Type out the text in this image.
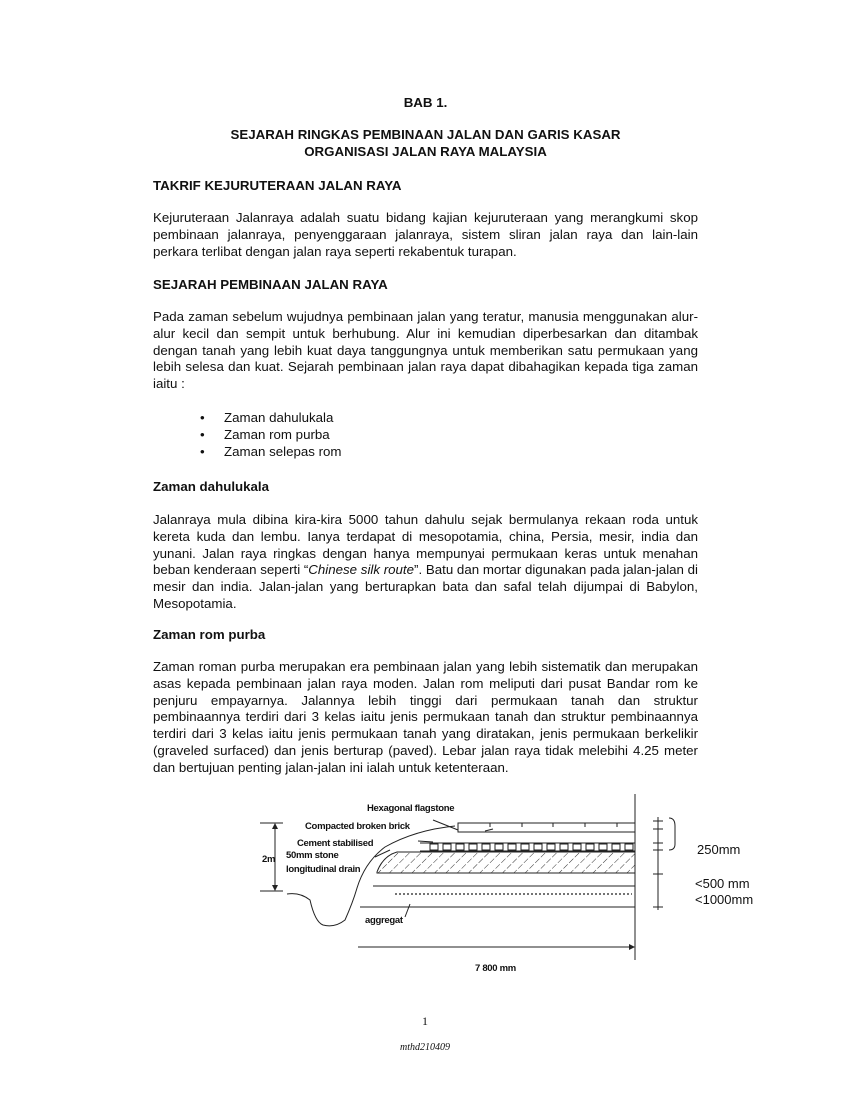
BAB 1.
SEJARAH RINGKAS PEMBINAAN JALAN DAN GARIS KASAR
ORGANISASI JALAN RAYA MALAYSIA
TAKRIF KEJURUTERAAN JALAN RAYA
Kejuruteraan Jalanraya adalah suatu bidang kajian kejuruteraan yang merangkumi skop pembinaan jalanraya, penyenggaraan jalanraya, sistem sliran jalan raya dan lain-lain perkara terlibat dengan jalan raya seperti rekabentuk turapan.
SEJARAH PEMBINAAN JALAN RAYA
Pada zaman sebelum wujudnya pembinaan jalan yang teratur, manusia menggunakan alur-alur kecil dan sempit untuk berhubung. Alur ini kemudian diperbesarkan dan ditambak dengan tanah yang lebih kuat daya tanggungnya untuk memberikan satu permukaan yang lebih selesa dan kuat. Sejarah pembinaan jalan raya dapat dibahagikan kepada tiga zaman iaitu :
• Zaman dahulukala
• Zaman rom purba
• Zaman selepas rom
Zaman dahulukala
Jalanraya mula dibina kira-kira 5000 tahun dahulu sejak bermulanya rekaan roda untuk kereta kuda dan lembu. Ianya terdapat di mesopotamia, china, Persia, mesir, india dan yunani. Jalan raya ringkas dengan hanya mempunyai permukaan keras untuk menahan beban kenderaan seperti “Chinese silk route”. Batu dan mortar digunakan pada jalan-jalan di mesir dan india. Jalan-jalan yang berturapkan bata dan safal telah dijumpai di Babylon, Mesopotamia.
Zaman rom purba
Zaman roman purba merupakan era pembinaan jalan yang lebih sistematik dan merupakan asas kepada pembinaan jalan raya moden. Jalan rom meliputi dari pusat Bandar rom ke penjuru empayarnya. Jalannya lebih tinggi dari permukaan tanah dan struktur pembinaannya terdiri dari 3 kelas iaitu jenis permukaan tanah dan struktur pembinaannya terdiri dari 3 kelas iaitu jenis permukaan tanah yang diratakan, jenis permukaan berkelikir (graveled surfaced) dan jenis berturap (paved). Lebar jalan raya tidak melebihi 4.25 meter dan bertujuan penting jalan-jalan ini ialah untuk ketenteraan.
Hexagonal flagstone
Compacted broken brick
Cement stabilised
50mm stone
longitudinal drain
aggregat
2m
7 800 mm
250mm
<500 mm
<1000mm
1
mthd210409
